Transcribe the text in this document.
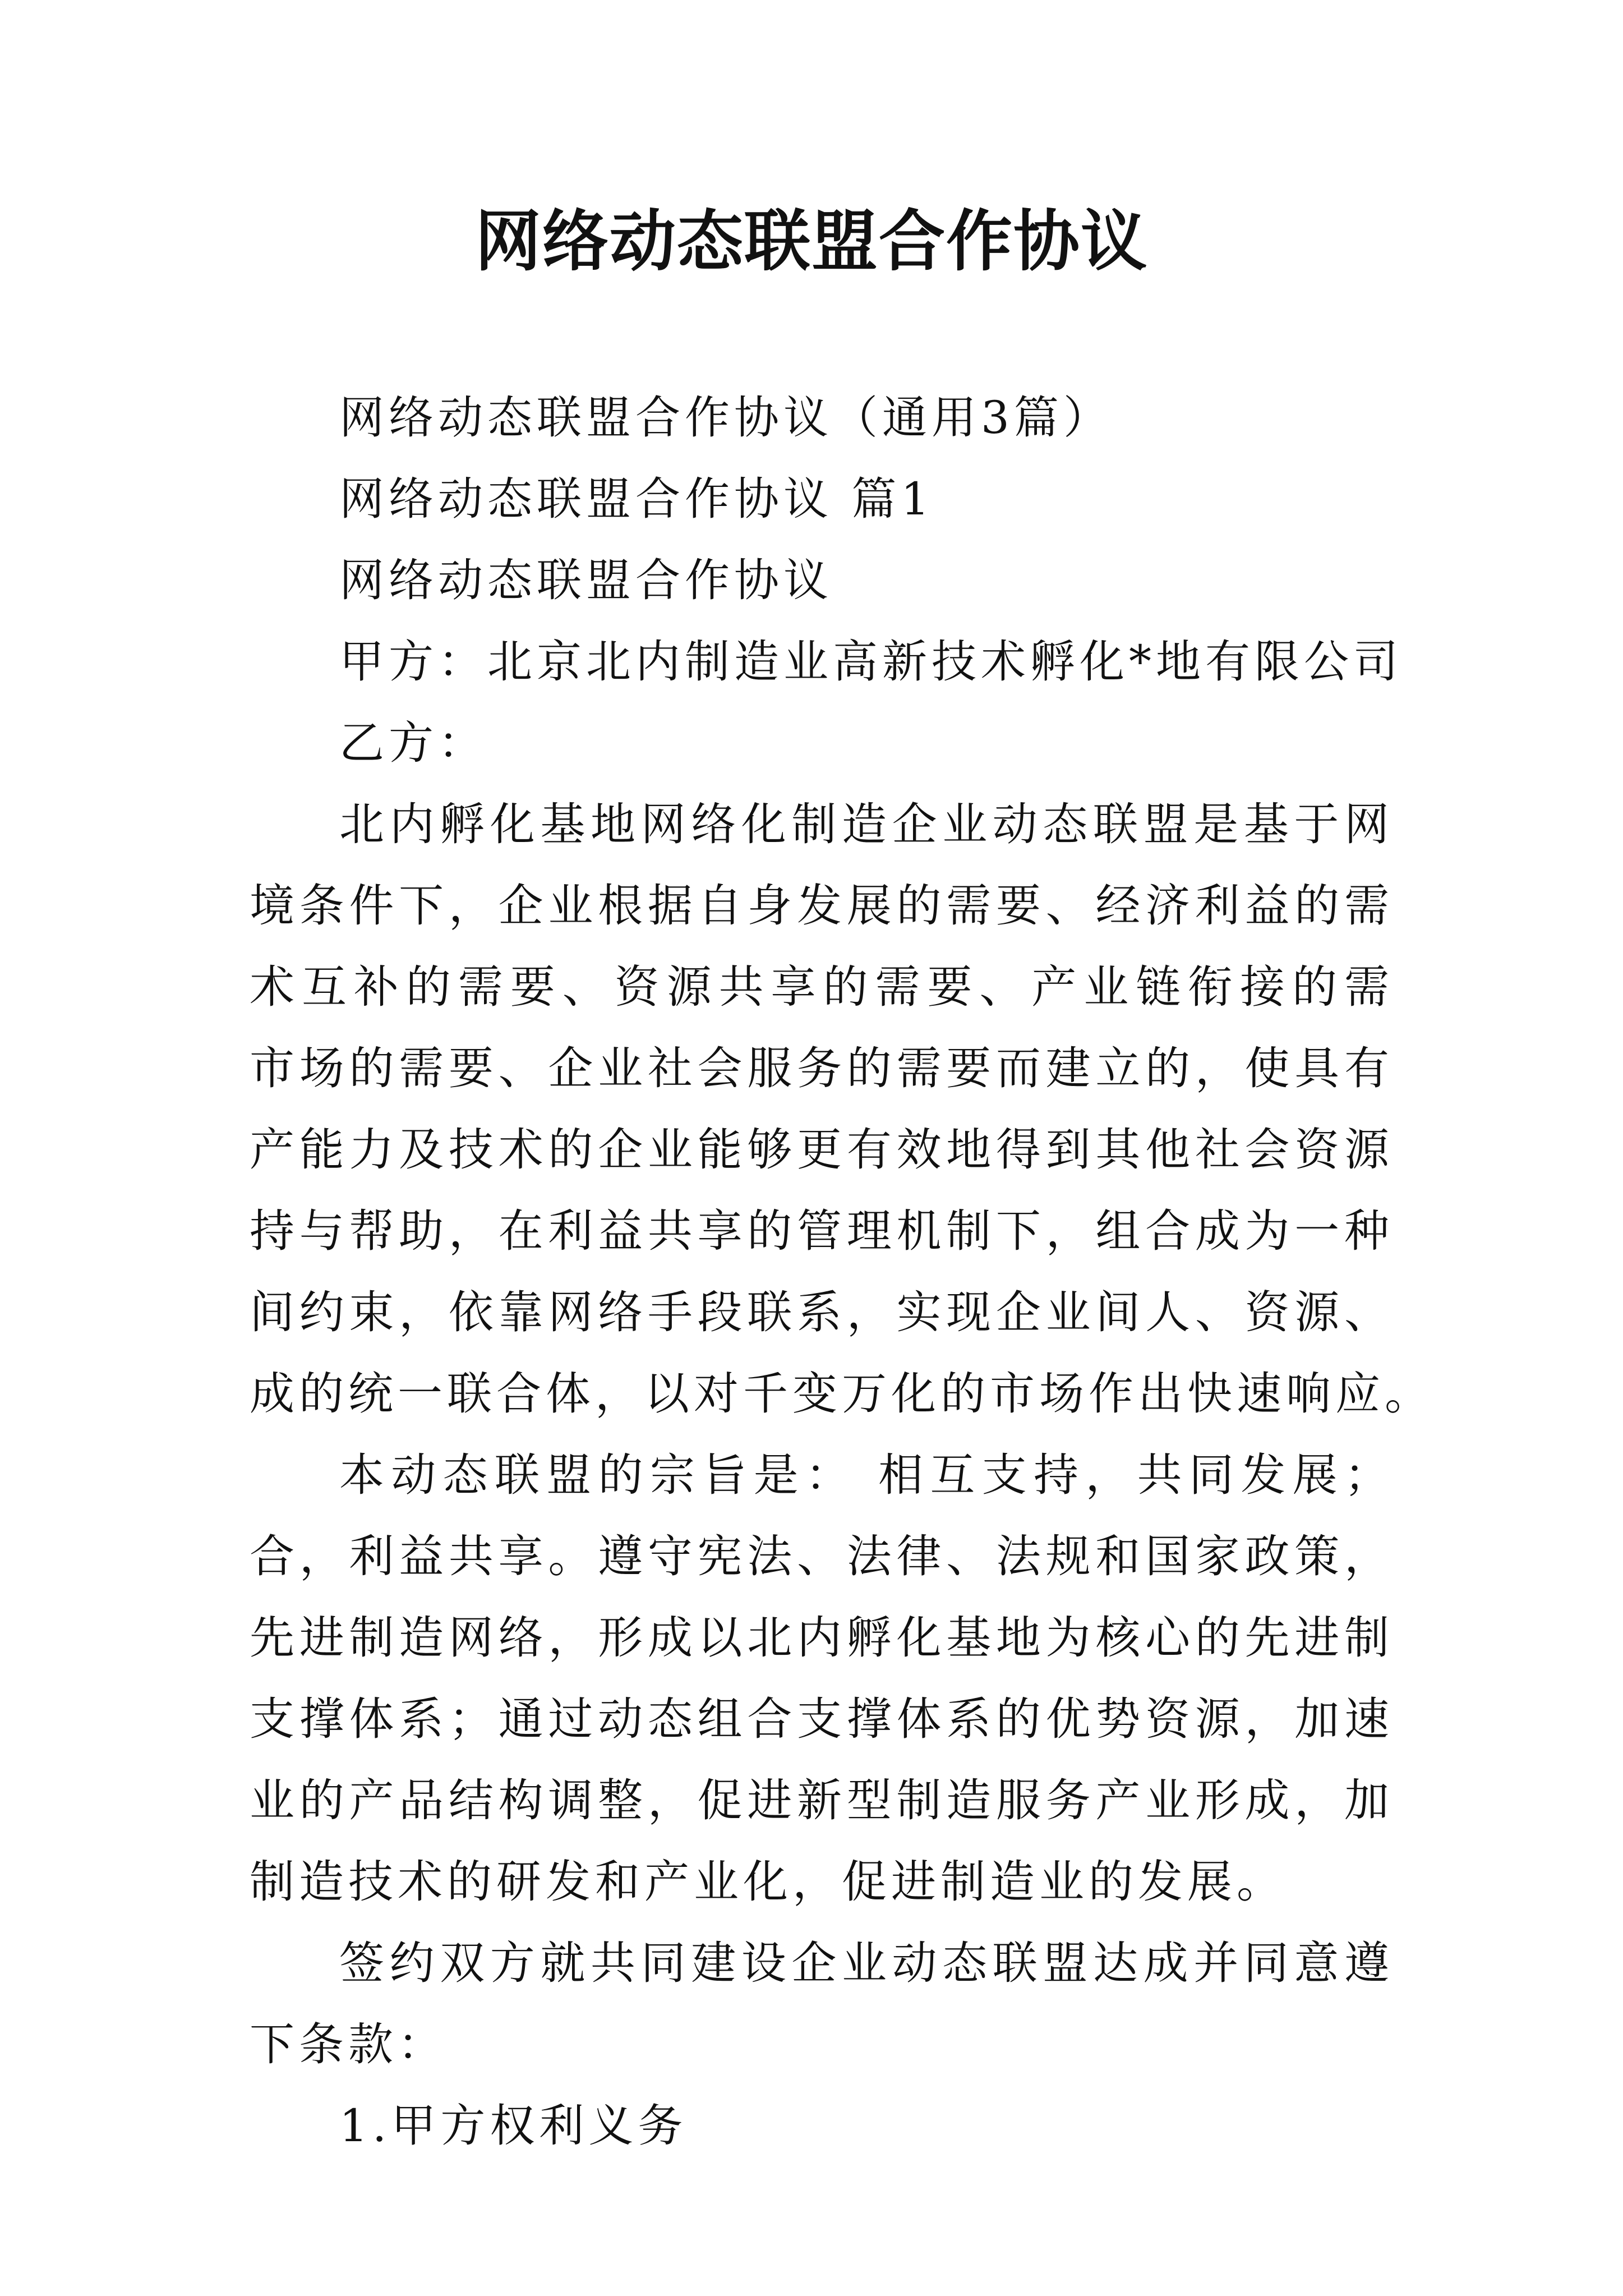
网络动态联盟合作协议
网络动态联盟合作协议（通用3篇）
网络动态联盟合作协议 篇1
网络动态联盟合作协议
甲方：北京北内制造业高新技术孵化*地有限公司
乙方：
北内孵化基地网络化制造企业动态联盟是基于网
境条件下，企业根据自身发展的需要、经济利益的需
术互补的需要、资源共享的需要、产业链衔接的需
市场的需要、企业社会服务的需要而建立的，使具有
产能力及技术的企业能够更有效地得到其他社会资源
持与帮助，在利益共享的管理机制下，组合成为一种
间约束，依靠网络手段联系，实现企业间人、资源、
成的统一联合体，以对千变万化的市场作出快速响应。
本动态联盟的宗旨是： 相互支持，共同发展；
合，利益共享。遵守宪法、法律、法规和国家政策，
先进制造网络，形成以北内孵化基地为核心的先进制
支撑体系；通过动态组合支撑体系的优势资源，加速
业的产品结构调整，促进新型制造服务产业形成，加
制造技术的研发和产业化，促进制造业的发展。
签约双方就共同建设企业动态联盟达成并同意遵
下条款：
1.甲方权利义务
